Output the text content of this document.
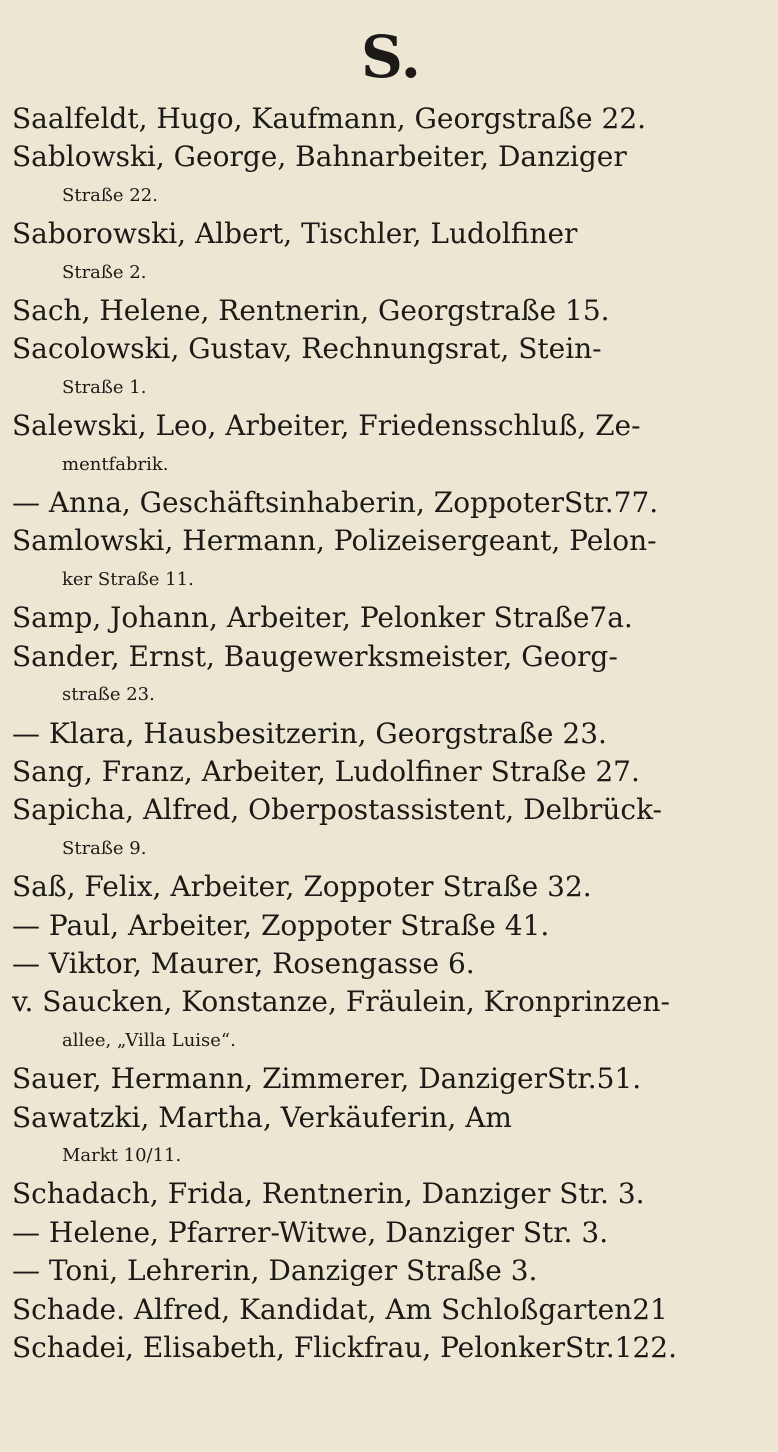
S.

Saalfeldt, Hugo, Kaufmann, Georgstraße 22.

Sablowski, George, Bahnarbeiter, Danziger
Straße 22.

Saborowski, Albert, Tischler, Ludolfiner
Straße 2.

Sach, Helene, Rentnerin, Georgstraße 15.

Sacolowski, Gustav, Rechnungsrat, Stein-
Straße 1.

Salewski, Leo, Arbeiter, Friedensschluß, Ze-
mentfabrik.

— Anna, Geschäftsinhaberin, ZoppoterStr.77.

Samlowski, Hermann, Polizeisergeant, Pelon-
ker Straße 11.

Samp, Johann, Arbeiter, Pelonker Straße7a.

Sander, Ernst, Baugewerksmeister, Georg-
straße 23.

— Klara, Hausbesitzerin, Georgstraße 23.

Sang, Franz, Arbeiter, Ludolfiner Straße 27.

Sapicha, Alfred, Oberpostassistent, Delbrück-
Straße 9.

Saß, Felix, Arbeiter, Zoppoter Straße 32.

— Paul, Arbeiter, Zoppoter Straße 41.

— Viktor, Maurer, Rosengasse 6.

v. Saucken, Konstanze, Fräulein, Kronprinzen-
allee, „Villa Luise“.

Sauer, Hermann, Zimmerer, DanzigerStr.51.

Sawatzki, Martha, Verkäuferin, Am
Markt 10/11.

Schadach, Frida, Rentnerin, Danziger Str. 3.

— Helene, Pfarrer-Witwe, Danziger Str. 3.

— Toni, Lehrerin, Danziger Straße 3.

Schade. Alfred, Kandidat, Am Schloßgarten21

Schadei, Elisabeth, Flickfrau, PelonkerStr.122.
